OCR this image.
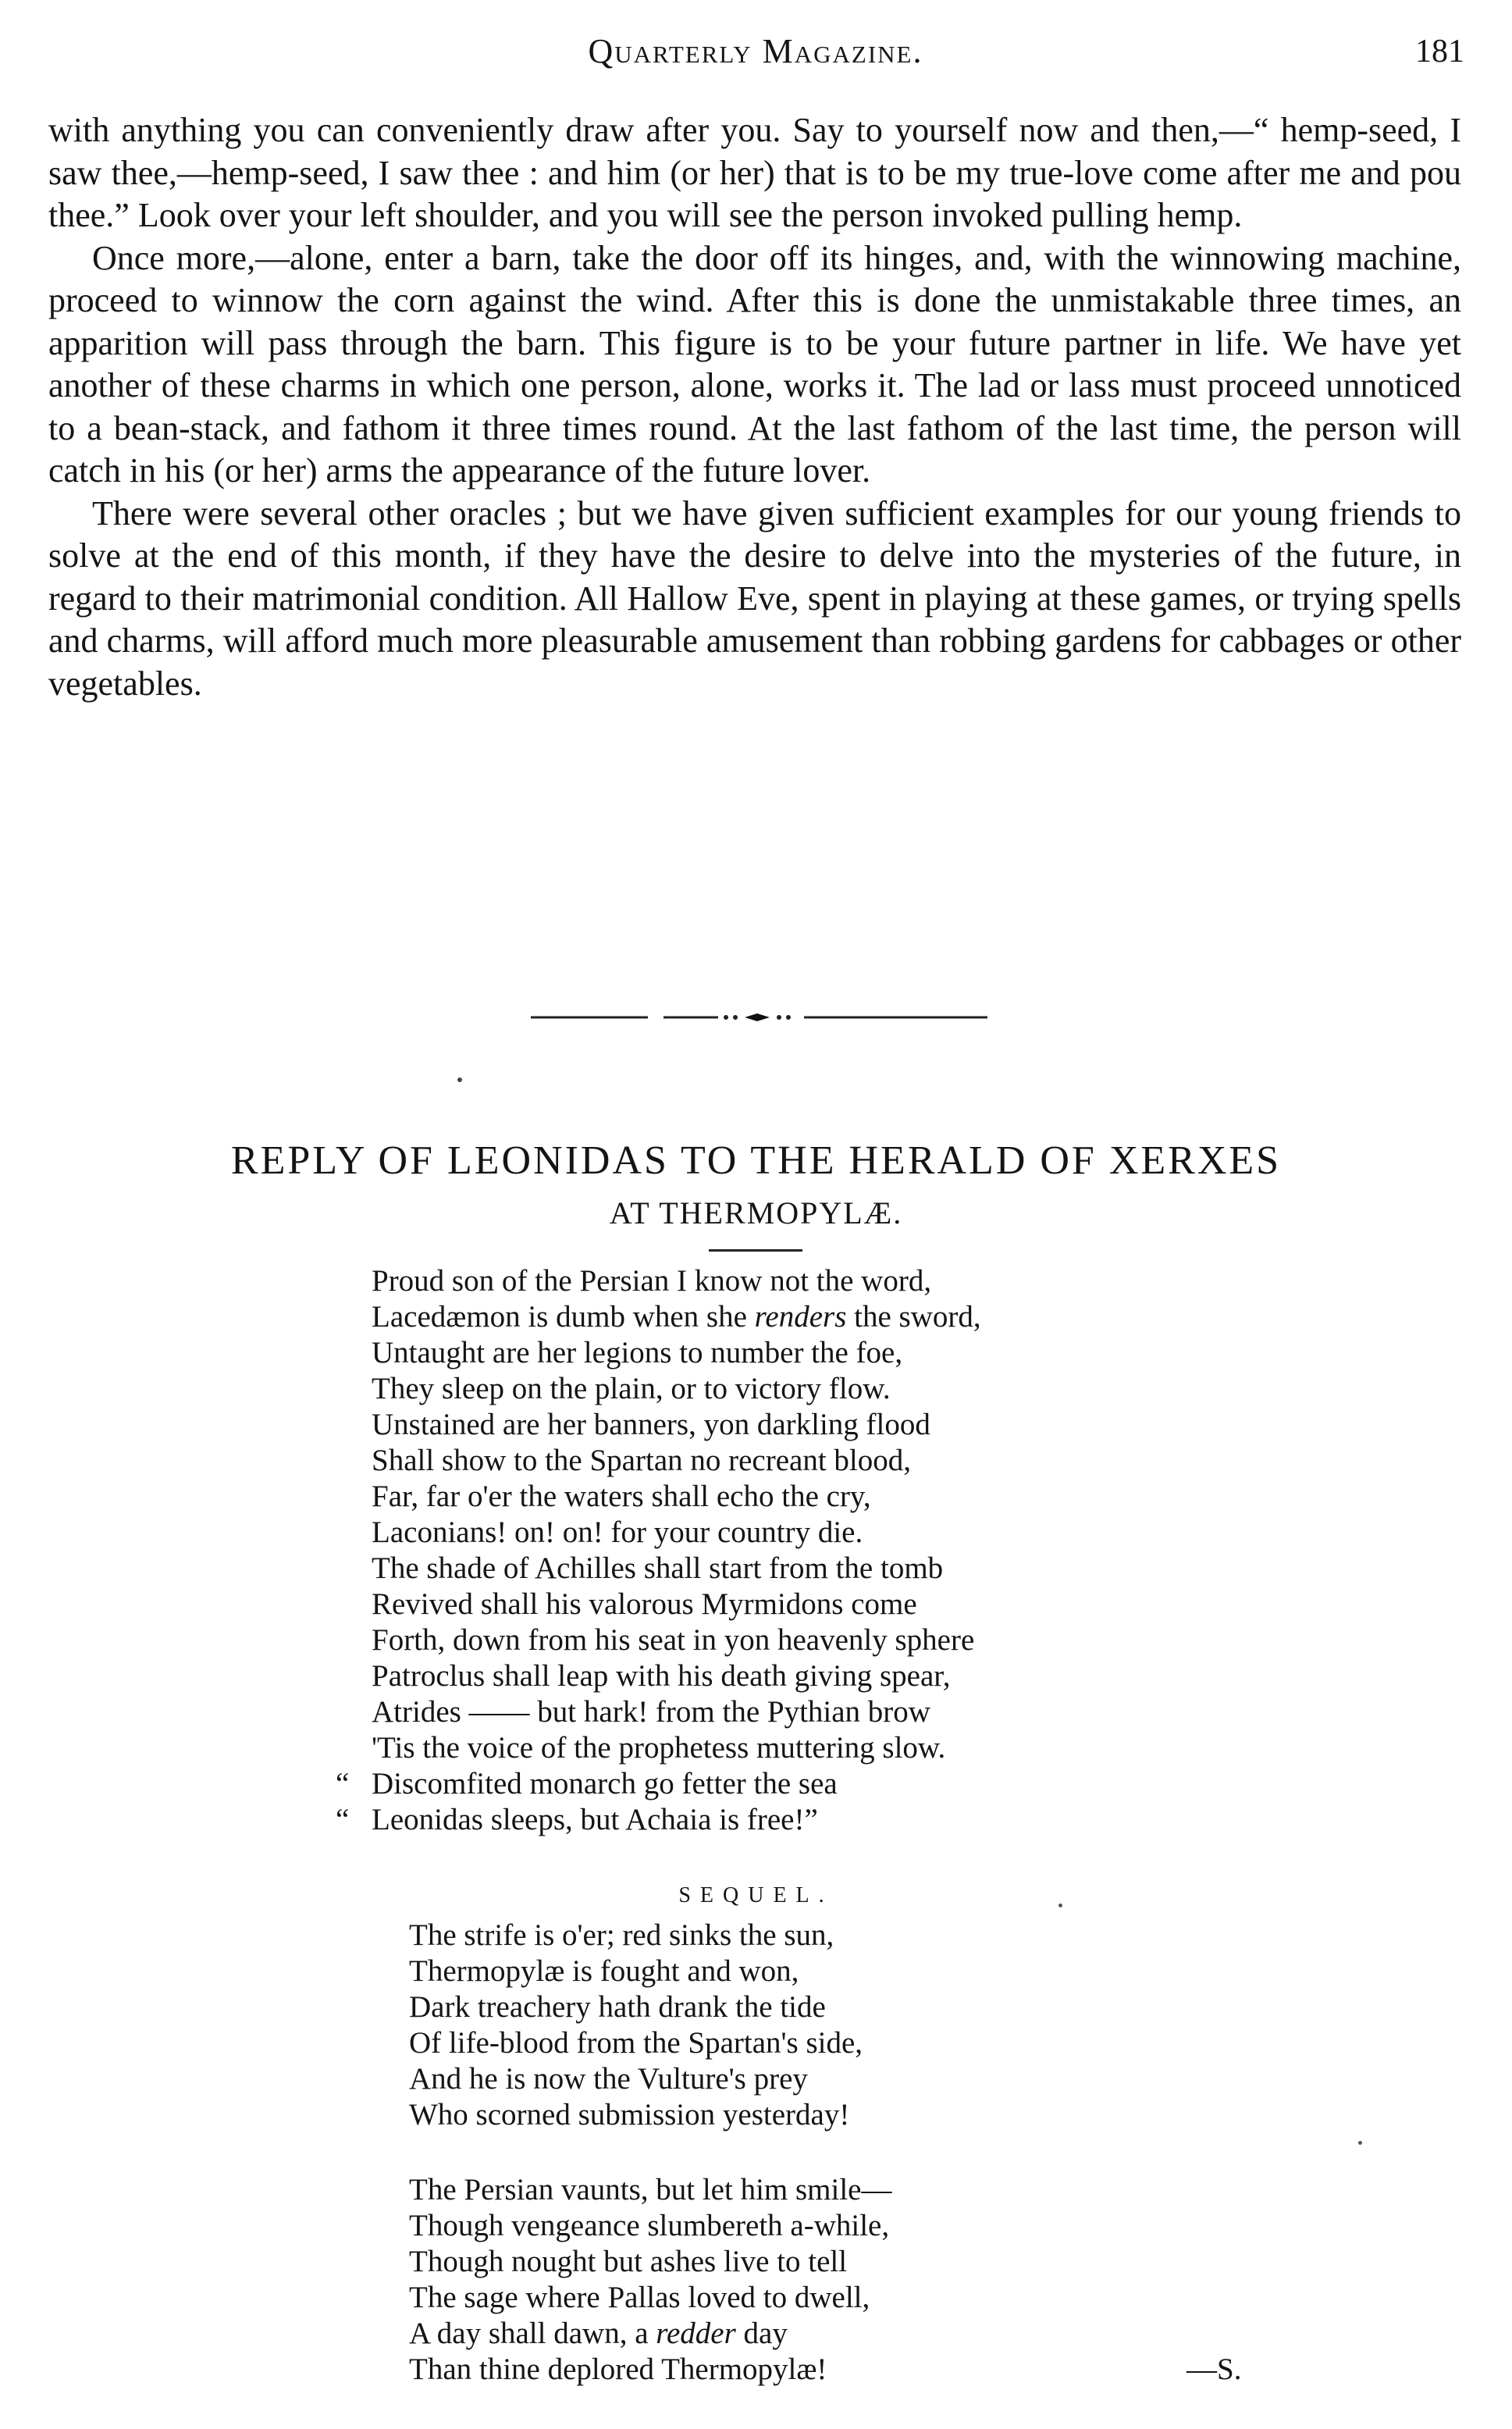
Quarterly Magazine.	181

with anything you can conveniently draw after you. Say to yourself now and then,—“ hemp-seed, I saw thee,—hemp-seed, I saw thee : and him (or her) that is to be my true-love come after me and pou thee.” Look over your left shoulder, and you will see the person invoked pulling hemp.

Once more,—alone, enter a barn, take the door off its hinges, and, with the winnowing machine, proceed to winnow the corn against the wind. After this is done the unmistakable three times, an apparition will pass through the barn. This figure is to be your future partner in life. We have yet another of these charms in which one person, alone, works it. The lad or lass must proceed unnoticed to a bean-stack, and fathom it three times round. At the last fathom of the last time, the person will catch in his (or her) arms the appearance of the future lover.

There were several other oracles ; but we have given sufficient examples for our young friends to solve at the end of this month, if they have the desire to delve into the mysteries of the future, in regard to their matrimonial condition. All Hallow Eve, spent in playing at these games, or trying spells and charms, will afford much more pleasurable amusement than robbing gardens for cabbages or other vegetables.

REPLY OF LEONIDAS TO THE HERALD OF XERXES
AT THERMOPYLÆ.
Proud son of the Persian I know not the word,
Lacedæmon is dumb when she renders the sword,
Untaught are her legions to number the foe,
They sleep on the plain, or to victory flow.
Unstained are her banners, yon darkling flood
Shall show to the Spartan no recreant blood,
Far, far o'er the waters shall echo the cry,
Laconians! on! on! for your country die.
The shade of Achilles shall start from the tomb
Revived shall his valorous Myrmidons come
Forth, down from his seat in yon heavenly sphere
Patroclus shall leap with his death giving spear,
Atrides —— but hark! from the Pythian brow
'Tis the voice of the prophetess muttering slow.
“ Discomfited monarch go fetter the sea
“ Leonidas sleeps, but Achaia is free!”
SEQUEL.
The strife is o'er; red sinks the sun,
Thermopylæ is fought and won,
Dark treachery hath drank the tide
Of life-blood from the Spartan's side,
And he is now the Vulture's prey
Who scorned submission yesterday!
The Persian vaunts, but let him smile—
Though vengeance slumbereth a-while,
Though nought but ashes live to tell
The sage where Pallas loved to dwell,
A day shall dawn, a redder day
Than thine deplored Thermopylæ!	—S.
